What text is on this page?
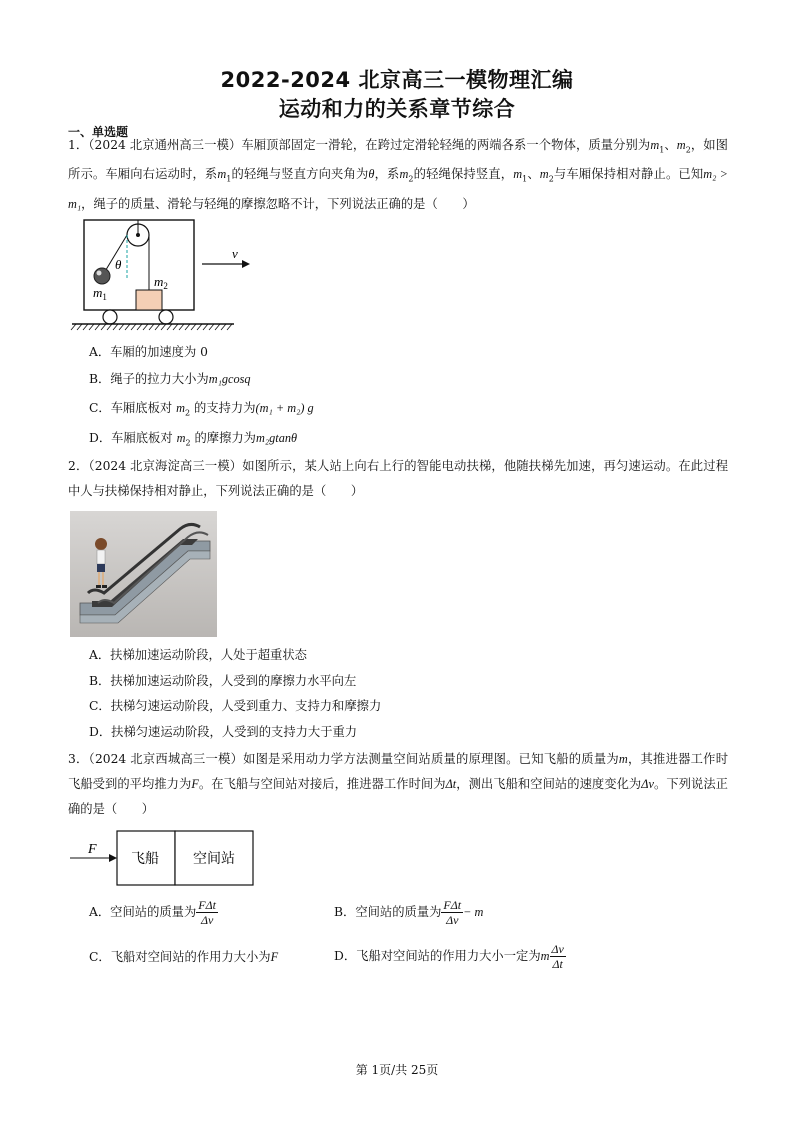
2022-2024 北京高三一模物理汇编
运动和力的关系章节综合
一、单选题
1．（2024 北京通州高三一模）车厢顶部固定一滑轮，在跨过定滑轮轻绳的两端各系一个物体，质量分别为$m_1$、$m_2$，如图所示。车厢向右运动时，系$m_1$的轻绳与竖直方向夹角为θ，系$m_2$的轻绳保持竖直，$m_1$、$m_2$与车厢保持相对静止。已知m₂ > m₁，绳子的质量、滑轮与轻绳的摩擦忽略不计，下列说法正确的是（　　）
θ
$m_1$
$m_2$
v
A．车厢的加速度为 0
B．绳子的拉力大小为m₁gcosq
C．车厢底板对 $m_2$ 的支持力为(m₁ + m₂) g
D．车厢底板对 $m_2$ 的摩擦力为m₂gtanθ
2．（2024 北京海淀高三一模）如图所示，某人站上向右上行的智能电动扶梯，他随扶梯先加速，再匀速运动。在此过程中人与扶梯保持相对静止，下列说法正确的是（　　）
A．扶梯加速运动阶段，人处于超重状态
B．扶梯加速运动阶段，人受到的摩擦力水平向左
C．扶梯匀速运动阶段，人受到重力、支持力和摩擦力
D．扶梯匀速运动阶段，人受到的支持力大于重力
3．（2024 北京西城高三一模）如图是采用动力学方法测量空间站质量的原理图。已知飞船的质量为m，其推进器工作时飞船受到的平均推力为F。在飞船与空间站对接后，推进器工作时间为Δt，测出飞船和空间站的速度变化为Δv。下列说法正确的是（　　）
F
飞船 空间站
A．空间站的质量为 $\frac{\text{FΔt}}{\Delta v}$	B．空间站的质量为 $\frac{\text{FΔt}}{\Delta v} - m$
C．飞船对空间站的作用力大小为F	D．飞船对空间站的作用力大小一定为m $\frac{\Delta v}{\Delta t}$
第 1页/共 25页
